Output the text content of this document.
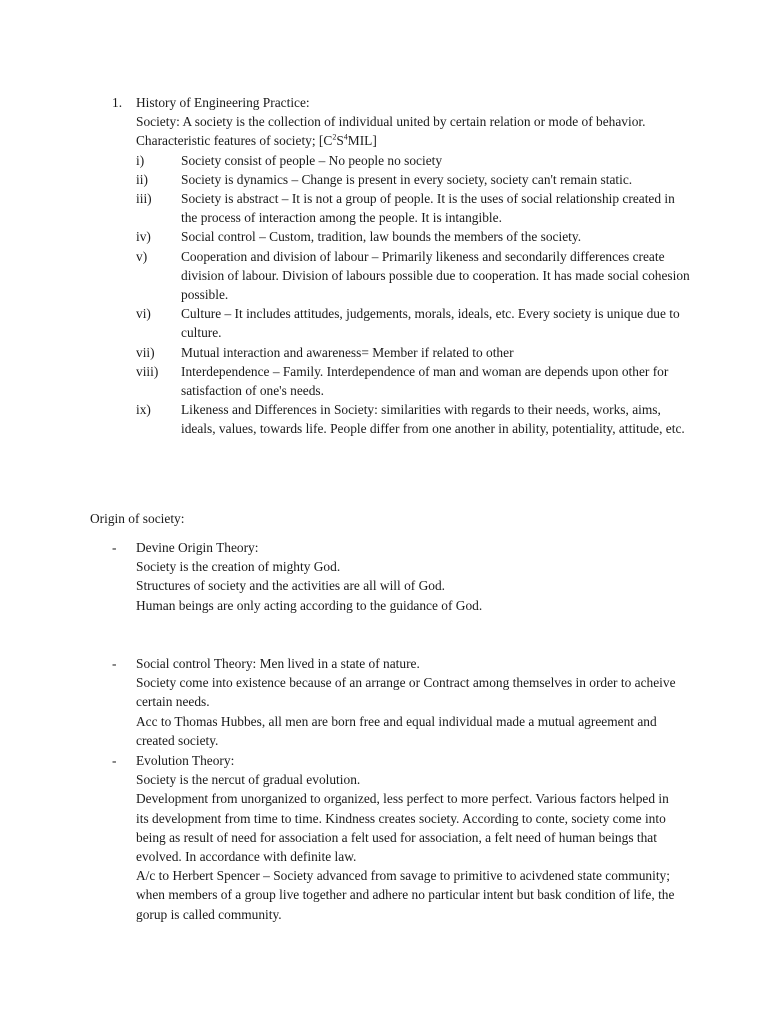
1. History of Engineering Practice:
Society: A society is the collection of individual united by certain relation or mode of behavior.
Characteristic features of society; $[C^2S^4MIL]$
i)	Society consist of people – No people no society
ii) Society is dynamics – Change is present in every society, society can't remain static.
iii) Society is abstract – It is not a group of people. It is the uses of social relationship created in the process of interaction among the people. It is intangible.
iv) Social control – Custom, tradition, law bounds the members of the society.
v)	Cooperation and division of labour – Primarily likeness and secondarily differences create division of labour. Division of labours possible due to cooperation. It has made social cohesion possible.
vi) Culture – It includes attitudes, judgements, morals, ideals, etc. Every society is unique due to culture.
vii) Mutual interaction and awareness= Member if related to other
viii) Interdependence – Family. Interdependence of man and woman are depends upon other for satisfaction of one's needs.
ix) Likeness and Differences in Society: similarities with regards to their needs, works, aims, ideals, values, towards life. People differ from one another in ability, potentiality, attitude, etc.
Origin of society:
- Devine Origin Theory:
Society is the creation of mighty God.
Structures of society and the activities are all will of God.
Human beings are only acting according to the guidance of God.
- Social control Theory: Men lived in a state of nature.
Society come into existence because of an arrange or Contract among themselves in order to acheive certain needs.
Acc to Thomas Hubbes, all men are born free and equal individual made a mutual agreement and created society.
- Evolution Theory:
Society is the nercut of gradual evolution.
Development from unorganized to organized, less perfect to more perfect. Various factors helped in its development from time to time. Kindness creates society. According to conte, society come into being as result of need for association a felt used for association, a felt need of human beings that evolved. In accordance with definite law.
A/c to Herbert Spencer – Society advanced from savage to primitive to acivdened state community; when members of a group live together and adhere no particular intent but bask condition of life, the gorup is called community.
